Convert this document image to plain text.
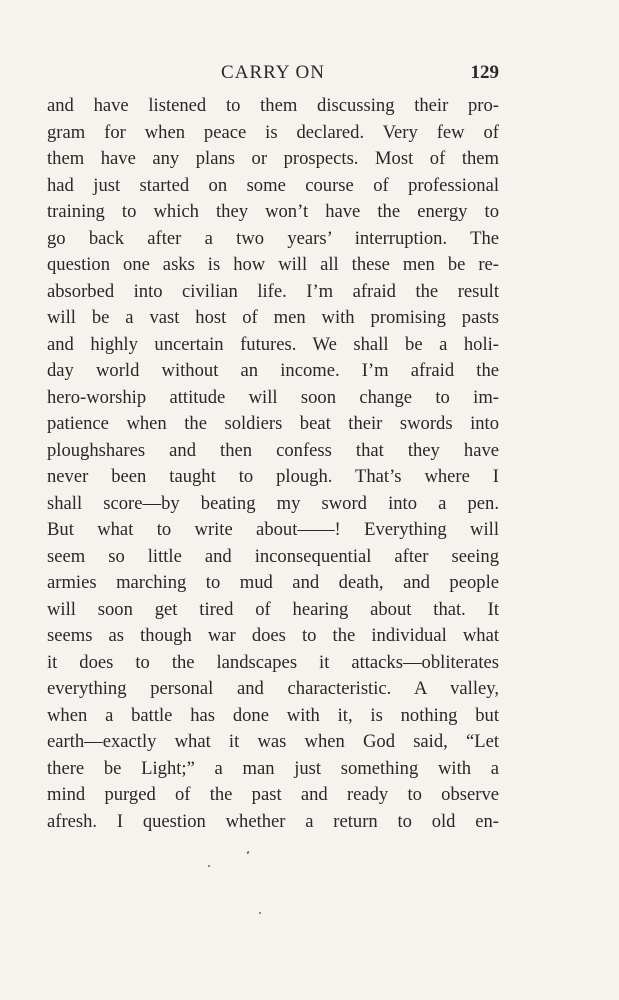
CARRY ON	129
and have listened to them discussing their pro-
gram for when peace is declared. Very few of
them have any plans or prospects. Most of them
had just started on some course of professional
training to which they won’t have the energy to
go back after a two years’ interruption. The
question one asks is how will all these men be re-
absorbed into civilian life. I’m afraid the result
will be a vast host of men with promising pasts
and highly uncertain futures. We shall be a holi-
day world without an income. I’m afraid the
hero-worship attitude will soon change to im-
patience when the soldiers beat their swords into
ploughshares and then confess that they have
never been taught to plough. That’s where I
shall score—by beating my sword into a pen.
But what to write about——! Everything will
seem so little and inconsequential after seeing
armies marching to mud and death, and people
will soon get tired of hearing about that. It
seems as though war does to the individual what
it does to the landscapes it attacks—obliterates
everything personal and characteristic. A valley,
when a battle has done with it, is nothing but
earth—exactly what it was when God said, “Let
there be Light;” a man just something with a
mind purged of the past and ready to observe
afresh. I question whether a return to old en-
